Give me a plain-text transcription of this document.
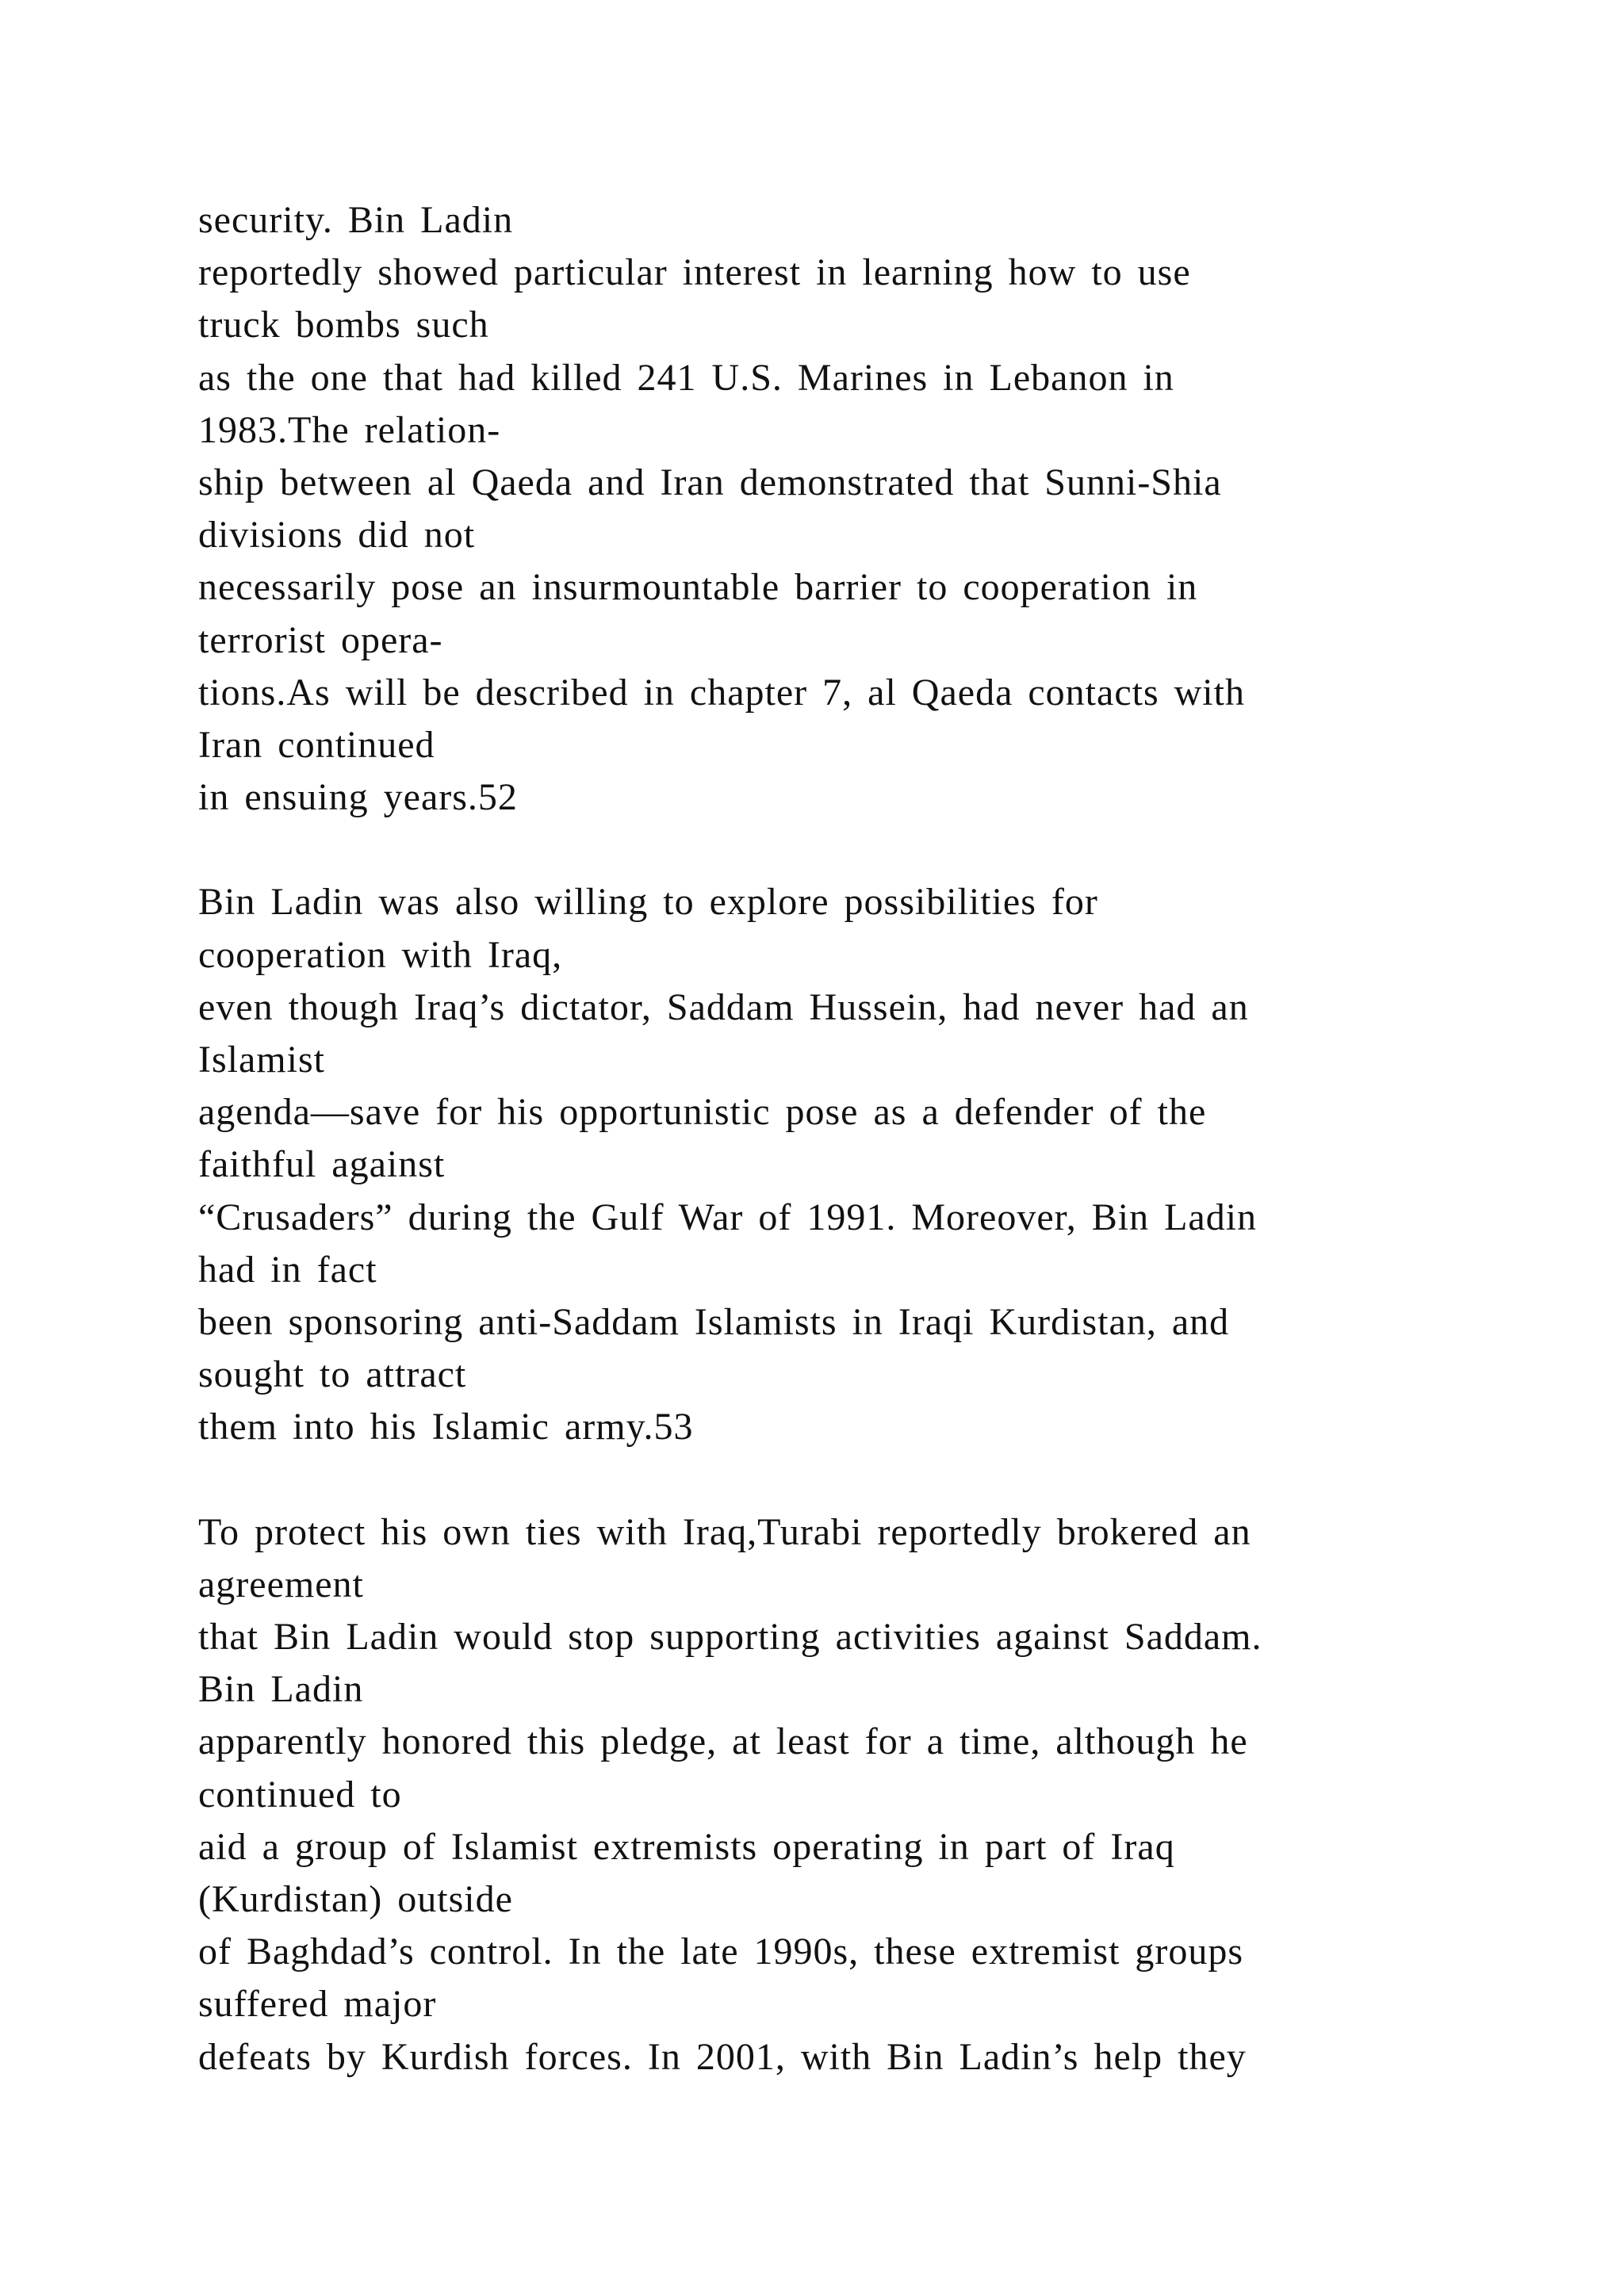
security. Bin Ladin
reportedly showed particular interest in learning how to use
truck bombs such
as the one that had killed 241 U.S. Marines in Lebanon in
1983.The relation-
ship between al Qaeda and Iran demonstrated that Sunni-Shia
divisions did not
necessarily pose an insurmountable barrier to cooperation in
terrorist opera-
tions.As will be described in chapter 7, al Qaeda contacts with
Iran continued
in ensuing years.52
Bin Ladin was also willing to explore possibilities for
cooperation with Iraq,
even though Iraq’s dictator, Saddam Hussein, had never had an
Islamist
agenda—save for his opportunistic pose as a defender of the
faithful against
“Crusaders” during the Gulf War of 1991. Moreover, Bin Ladin
had in fact
been sponsoring anti-Saddam Islamists in Iraqi Kurdistan, and
sought to attract
them into his Islamic army.53
To protect his own ties with Iraq,Turabi reportedly brokered an
agreement
that Bin Ladin would stop supporting activities against Saddam.
Bin Ladin
apparently honored this pledge, at least for a time, although he
continued to
aid a group of Islamist extremists operating in part of Iraq
(Kurdistan) outside
of Baghdad’s control. In the late 1990s, these extremist groups
suffered major
defeats by Kurdish forces. In 2001, with Bin Ladin’s help they
